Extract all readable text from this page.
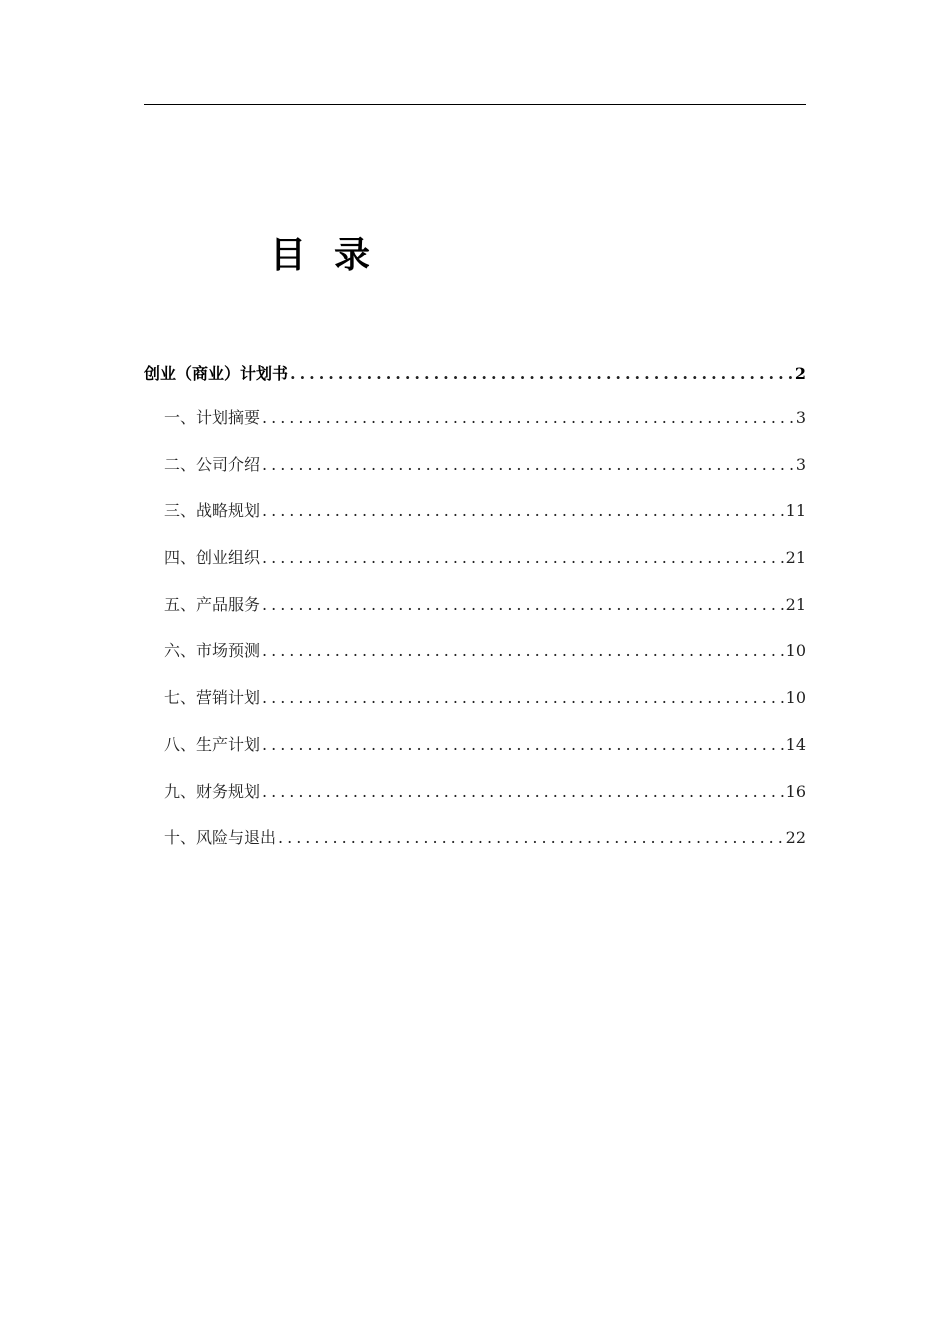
目录
创业（商业）计划书 .....	2
一、计划摘要 .....	3
二、公司介绍 .....	3
三、战略规划 .....	11
四、创业组织 .....	21
五、产品服务 .....	21
六、市场预测 .....	10
七、营销计划 .....	10
八、生产计划 .....	14
九、财务规划 .....	16
十、风险与退出 .....	22
